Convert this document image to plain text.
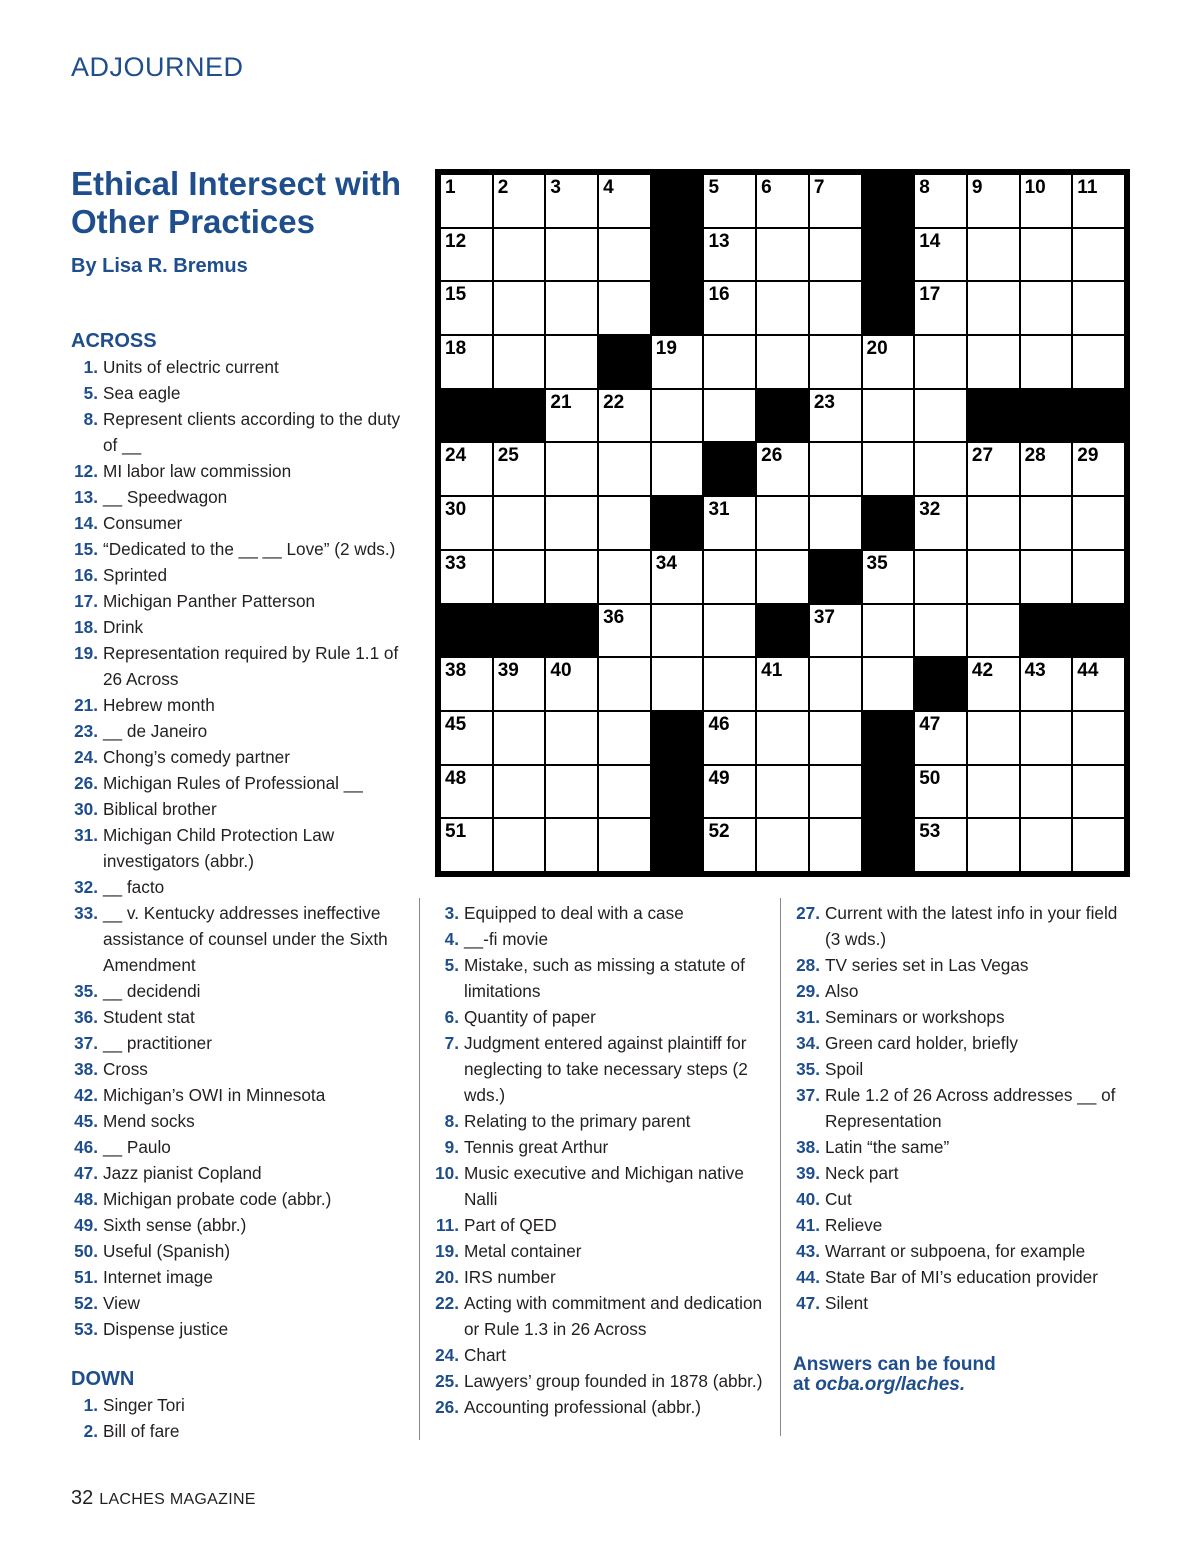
ADJOURNED
Ethical Intersect with Other Practices
By Lisa R. Bremus
1 2 3 4	5 6 7	8 9 10 11
12	13	14
15	16	17
18	19	20
21 22	23
24 25	26	27 28 29
30	31	32
33	34	35
36	37
38 39 40	41	42 43 44
45	46	47
48	49	50
51	52	53
ACROSS
1. Units of electric current
5. Sea eagle
8. Represent clients according to the duty of __
12. MI labor law commission
13. __ Speedwagon
14. Consumer
15. “Dedicated to the __ __ Love” (2 wds.)
16. Sprinted
17. Michigan Panther Patterson
18. Drink
19. Representation required by Rule 1.1 of 26 Across
21. Hebrew month
23. __ de Janeiro
24. Chong’s comedy partner
26. Michigan Rules of Professional __
30. Biblical brother
31. Michigan Child Protection Law investigators (abbr.)
32. __ facto
33. __ v. Kentucky addresses ineffective assistance of counsel under the Sixth Amendment
35. __ decidendi
36. Student stat
37. __ practitioner
38. Cross
42. Michigan’s OWI in Minnesota
45. Mend socks
46. __ Paulo
47. Jazz pianist Copland
48. Michigan probate code (abbr.)
49. Sixth sense (abbr.)
50. Useful (Spanish)
51. Internet image
52. View
53. Dispense justice
DOWN
1. Singer Tori
2. Bill of fare
3. Equipped to deal with a case
4. __-fi movie
5. Mistake, such as missing a statute of limitations
6. Quantity of paper
7. Judgment entered against plaintiff for neglecting to take necessary steps (2 wds.)
8. Relating to the primary parent
9. Tennis great Arthur
10. Music executive and Michigan native Nalli
11. Part of QED
19. Metal container
20. IRS number
22. Acting with commitment and dedication or Rule 1.3 in 26 Across
24. Chart
25. Lawyers’ group founded in 1878 (abbr.)
26. Accounting professional (abbr.)
27. Current with the latest info in your field (3 wds.)
28. TV series set in Las Vegas
29. Also
31. Seminars or workshops
34. Green card holder, briefly
35. Spoil
37. Rule 1.2 of 26 Across addresses __ of Representation
38. Latin “the same”
39. Neck part
40. Cut
41. Relieve
43. Warrant or subpoena, for example
44. State Bar of MI’s education provider
47. Silent
Answers can be found
at ocba.org/laches.
32 LACHES MAGAZINE
